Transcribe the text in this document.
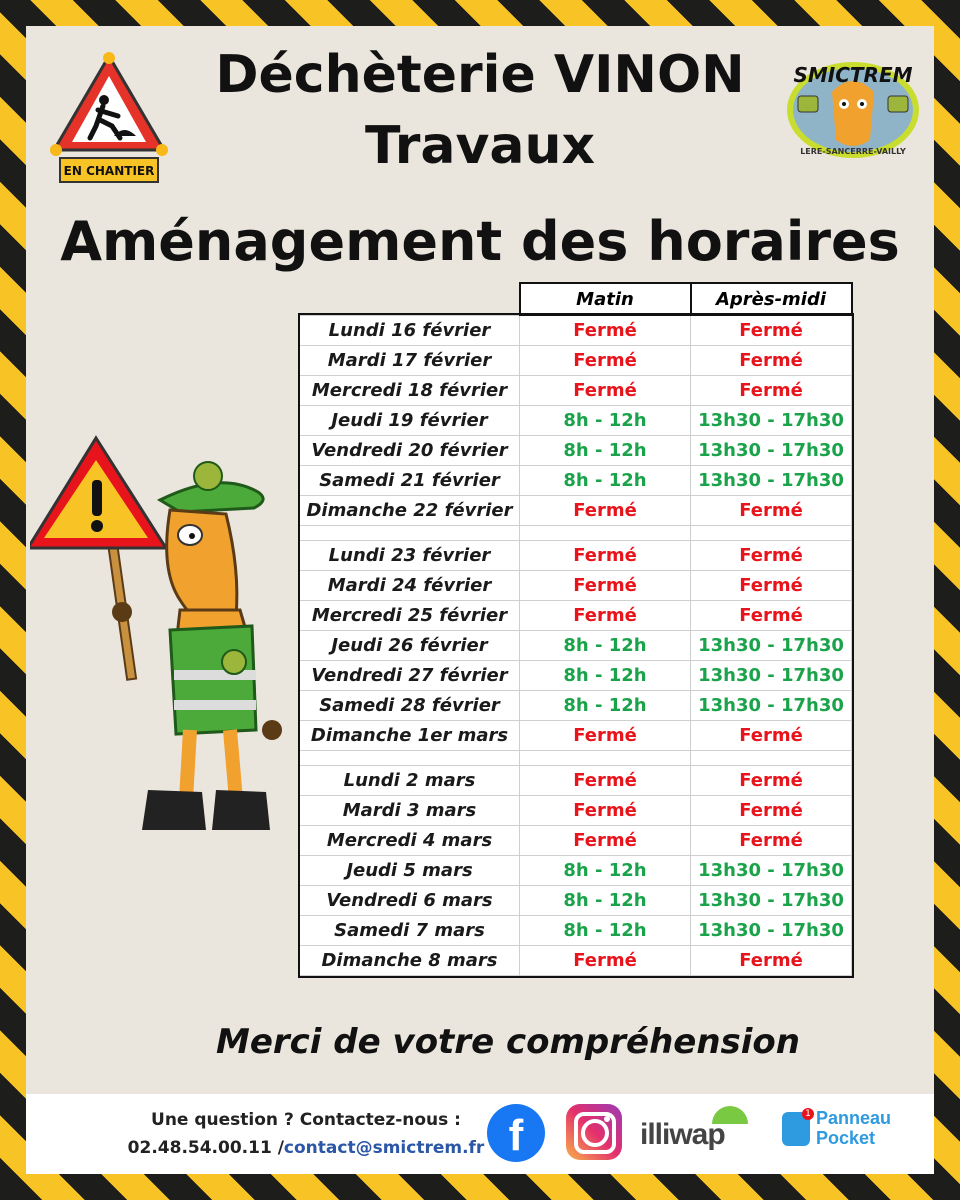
EN CHANTIER
SMICTREM
LERE-SANCERRE-VAILLY
Déchèterie VINON
Travaux
Aménagement des horaires
	Matin	Après-midi
Lundi 16 février	Fermé	Fermé
Mardi 17 février	Fermé	Fermé
Mercredi 18 février	Fermé	Fermé
Jeudi 19 février	8h - 12h	13h30 - 17h30
Vendredi 20 février	8h - 12h	13h30 - 17h30
Samedi 21 février	8h - 12h	13h30 - 17h30
Dimanche 22 février	Fermé	Fermé

Lundi 23 février	Fermé	Fermé
Mardi 24 février	Fermé	Fermé
Mercredi 25 février	Fermé	Fermé
Jeudi 26 février	8h - 12h	13h30 - 17h30
Vendredi 27 février	8h - 12h	13h30 - 17h30
Samedi 28 février	8h - 12h	13h30 - 17h30
Dimanche 1er mars	Fermé	Fermé

Lundi 2 mars	Fermé	Fermé
Mardi 3 mars	Fermé	Fermé
Mercredi 4 mars	Fermé	Fermé
Jeudi 5 mars	8h - 12h	13h30 - 17h30
Vendredi 6 mars	8h - 12h	13h30 - 17h30
Samedi 7 mars	8h - 12h	13h30 - 17h30
Dimanche 8 mars	Fermé	Fermé
Merci de votre compréhension
Une question ? Contactez-nous :
02.48.54.00.11 /contact@smictrem.fr f	illiwap
1 Panneau
Pocket
